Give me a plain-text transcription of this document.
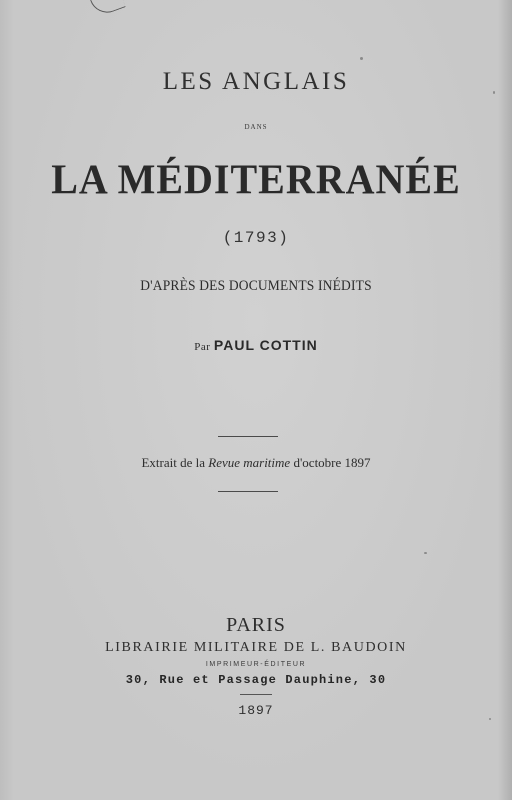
LES ANGLAIS
DANS
LA MÉDITERRANÉE
(1793)
D'APRÈS DES DOCUMENTS INÉDITS
Par PAUL COTTIN
Extrait de la Revue maritime d'octobre 1897
PARIS
LIBRAIRIE MILITAIRE DE L. BAUDOIN
IMPRIMEUR-ÉDITEUR
30, Rue et Passage Dauphine, 30
1897
